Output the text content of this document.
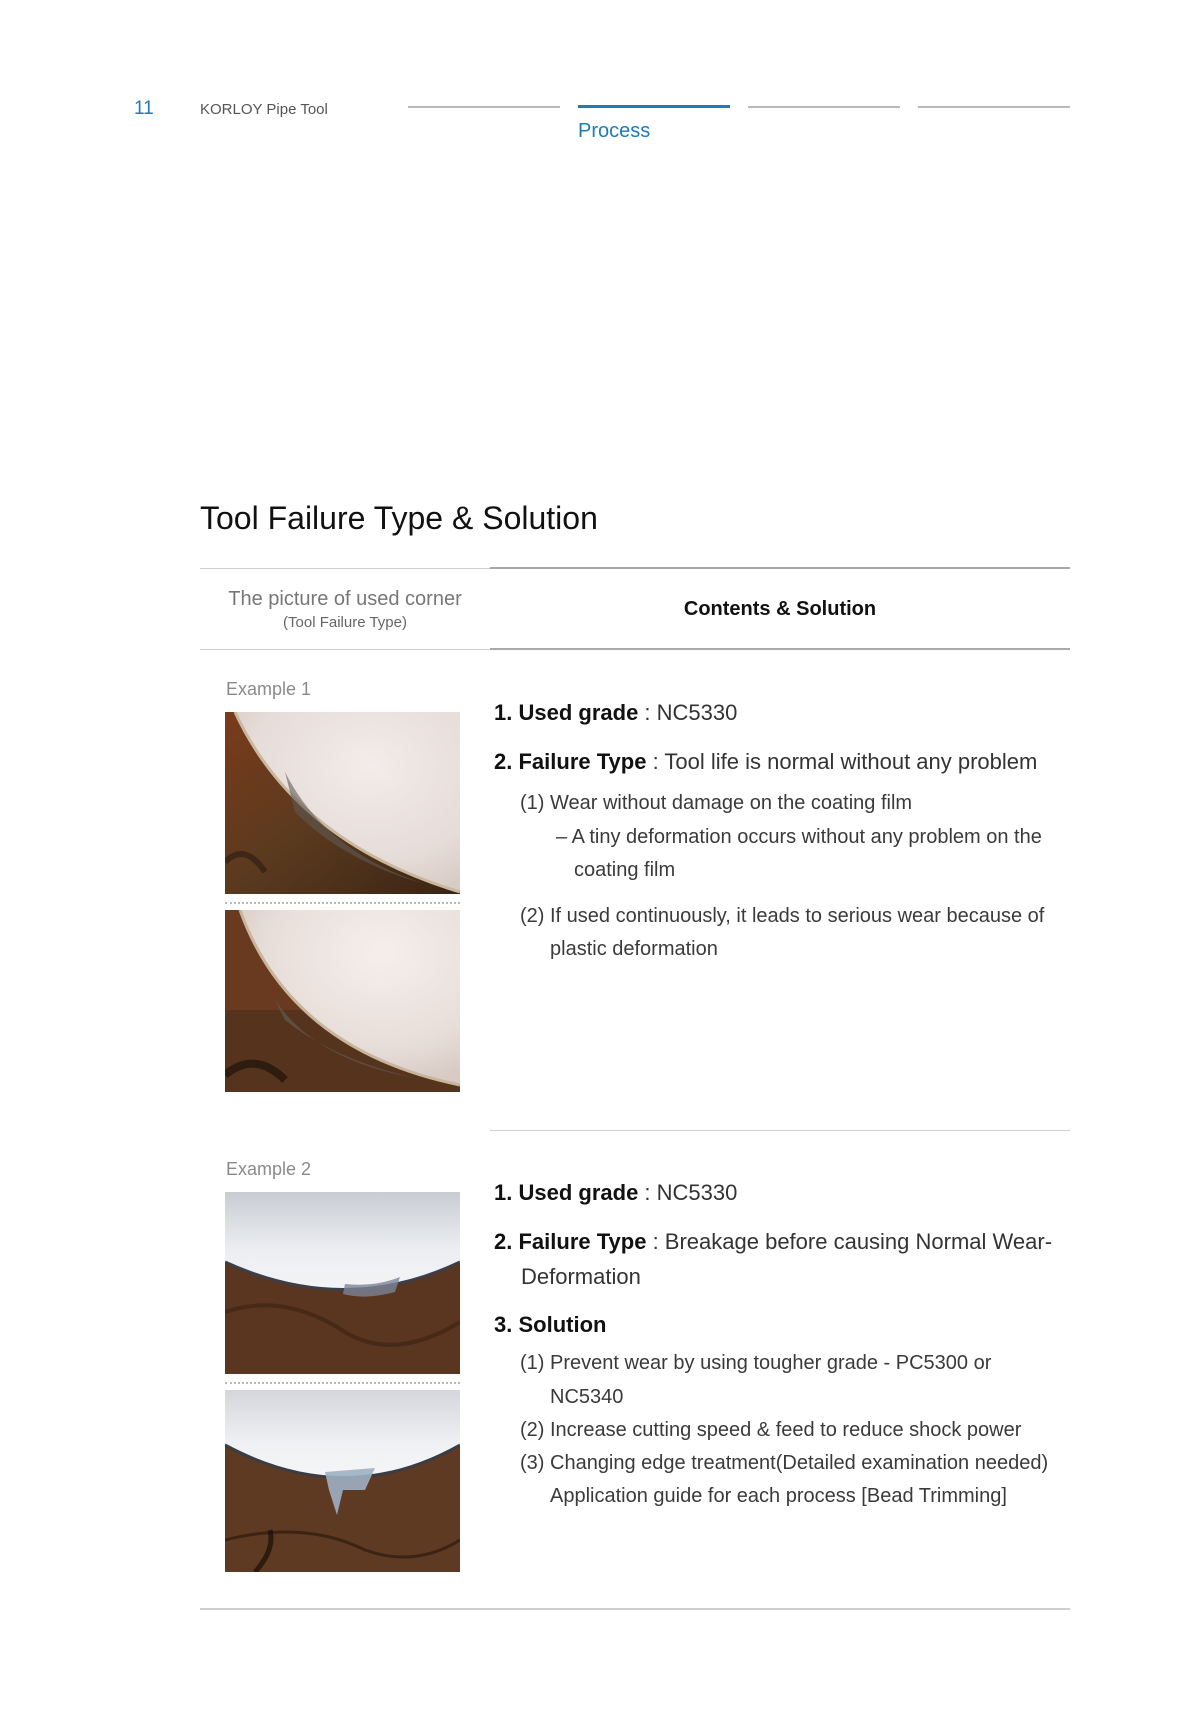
11	KORLOY Pipe Tool
Process
Tool Failure Type & Solution
The picture of used corner
(Tool Failure Type)
Contents & Solution
Example 1
1. Used grade : NC5330
2. Failure Type : Tool life is normal without any problem
(1) Wear without damage on the coating film
– A tiny deformation occurs without any problem on the
coating film
(2) If used continuously, it leads to serious wear because of
plastic deformation
Example 2
1. Used grade : NC5330
2. Failure Type : Breakage before causing Normal Wear-
Deformation
3. Solution
(1) Prevent wear by using tougher grade - PC5300 or
NC5340
(2) Increase cutting speed & feed to reduce shock power
(3) Changing edge treatment(Detailed examination needed)
Application guide for each process [Bead Trimming]
